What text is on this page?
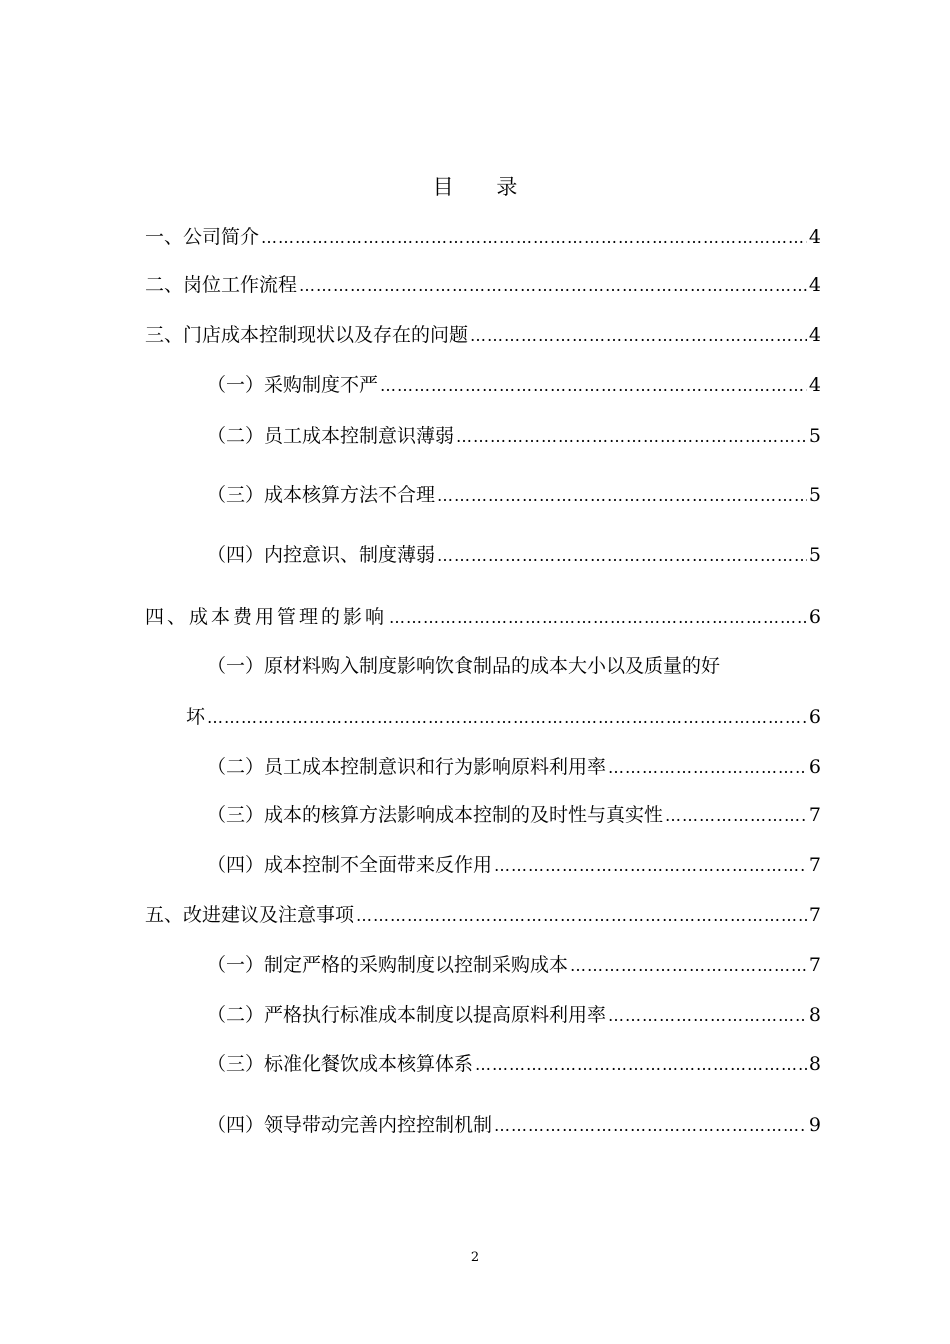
目 录
一、公司简介 …………………………………………………………………………………………………………………………………………………………………………	4
二、岗位工作流程 …………………………………………………………………………………………………………………………………………………………………………	4
三、门店成本控制现状以及存在的问题 …………………………………………………………………………………………………………………………………………………………………………	4
（一）采购制度不严 …………………………………………………………………………………………………………………………………………………………………………	4
（二）员工成本控制意识薄弱 …………………………………………………………………………………………………………………………………………………………………………	5
（三）成本核算方法不合理 …………………………………………………………………………………………………………………………………………………………………………	5
（四）内控意识、制度薄弱 …………………………………………………………………………………………………………………………………………………………………………	5
四、成本费用管理的影响 …………………………………………………………………………………………………………………………………………………………………………	6
（一）原材料购入制度影响饮食制品的成本大小以及质量的好
坏 …………………………………………………………………………………………………………………………………………………………………………	6
（二）员工成本控制意识和行为影响原料利用率 …………………………………………………………………………………………………………………………………………………………………………	6
（三）成本的核算方法影响成本控制的及时性与真实性 …………………………………………………………………………………………………………………………………………………………………………	7
（四）成本控制不全面带来反作用 …………………………………………………………………………………………………………………………………………………………………………	7
五、改进建议及注意事项 …………………………………………………………………………………………………………………………………………………………………………	7
（一）制定严格的采购制度以控制采购成本 …………………………………………………………………………………………………………………………………………………………………………	7
（二）严格执行标准成本制度以提高原料利用率 …………………………………………………………………………………………………………………………………………………………………………	8
（三）标准化餐饮成本核算体系 …………………………………………………………………………………………………………………………………………………………………………	8
（四）领导带动完善内控控制机制 …………………………………………………………………………………………………………………………………………………………………………	9
2
